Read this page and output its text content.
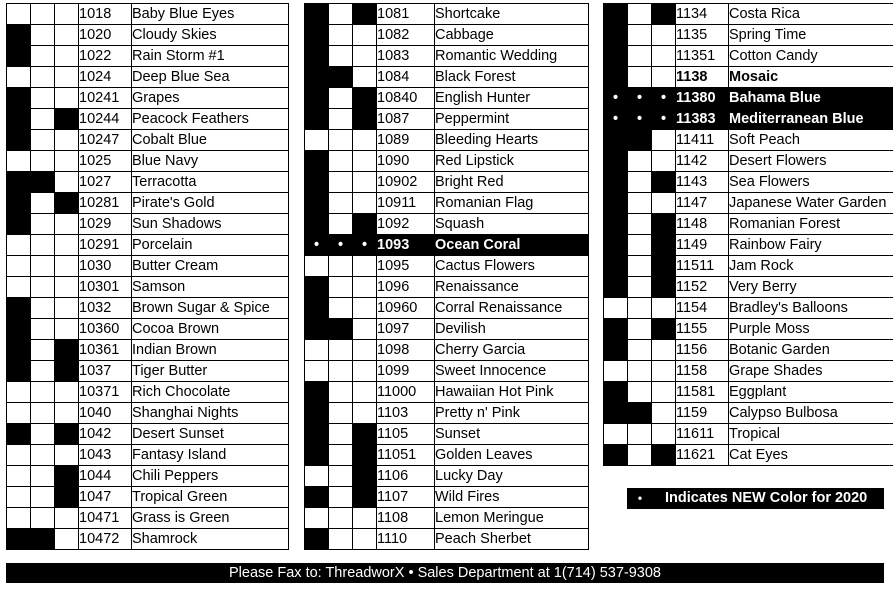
			1018	Baby Blue Eyes
			1020	Cloudy Skies
			1022	Rain Storm #1
			1024	Deep Blue Sea
			10241	Grapes
			10244	Peacock Feathers
			10247	Cobalt Blue
			1025	Blue Navy
			1027	Terracotta
			10281	Pirate's Gold
			1029	Sun Shadows
			10291	Porcelain
			1030	Butter Cream
			10301	Samson
			1032	Brown Sugar & Spice
			10360	Cocoa Brown
			10361	Indian Brown
			1037	Tiger Butter
			10371	Rich Chocolate
			1040	Shanghai Nights
			1042	Desert Sunset
			1043	Fantasy Island
			1044	Chili Peppers
			1047	Tropical Green
			10471	Grass is Green
			10472	Shamrock
			1081	Shortcake
			1082	Cabbage
			1083	Romantic Wedding
			1084	Black Forest
			10840	English Hunter
			1087	Peppermint
			1089	Bleeding Hearts
			1090	Red Lipstick
			10902	Bright Red
			10911	Romanian Flag
			1092	Squash
•	•	•	1093	Ocean Coral
			1095	Cactus Flowers
			1096	Renaissance
			10960	Corral Renaissance
			1097	Devilish
			1098	Cherry Garcia
			1099	Sweet Innocence
			11000	Hawaiian Hot Pink
			1103	Pretty n' Pink
			1105	Sunset
			11051	Golden Leaves
			1106	Lucky Day
			1107	Wild Fires
			1108	Lemon Meringue
			1110	Peach Sherbet
			1134	Costa Rica
			1135	Spring Time
			11351	Cotton Candy
			1138	Mosaic
•	•	•	11380	Bahama Blue
•	•	•	11383	Mediterranean Blue
			11411	Soft Peach
			1142	Desert Flowers
			1143	Sea Flowers
			1147	Japanese Water Garden
			1148	Romanian Forest
			1149	Rainbow Fairy
			11511	Jam Rock
			1152	Very Berry
			1154	Bradley's Balloons
			1155	Purple Moss
			1156	Botanic Garden
			1158	Grape Shades
			11581	Eggplant
			1159	Calypso Bulbosa
			11611	Tropical
			11621	Cat Eyes
•	Indicates NEW Color for 2020
Please Fax to: ThreadworX • Sales Department at 1(714) 537-9308
